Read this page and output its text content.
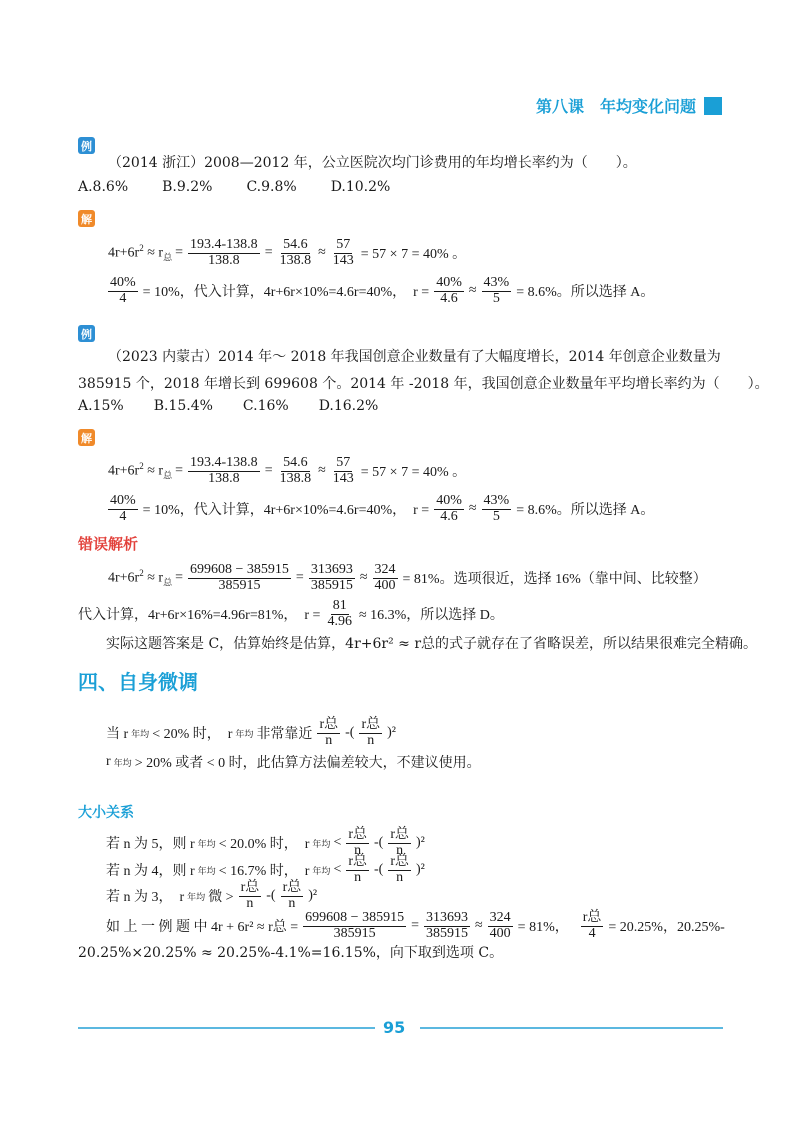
第八课　年均变化问题
例
（2014 浙江）2008—2012 年，公立医院次均门诊费用的年均增长率约为（　　）。
A.8.6% B.9.2% C.9.8% D.10.2%
解
$4r+6r^2 \approx r_总 = \frac{193.4-138.8}{138.8} = \frac{54.6}{138.8} \approx \frac{57}{143} = 57 \times 7 = 40\%$ 。
$\frac{40\%}{4} = 10\%$，代入计算，4r+6r×10%=4.6r=40%，　$r = \frac{40\%}{4.6} \approx \frac{43\%}{5} = 8.6\%$。所以选择 A。
例
（2023 内蒙古）2014 年～ 2018 年我国创意企业数量有了大幅度增长，2014 年创意企业数量为
385915 个，2018 年增长到 699608 个。2014 年 -2018 年，我国创意企业数量年平均增长率约为（　　）。
A.15% B.15.4% C.16% D.16.2%
解
$4r+6r^2 \approx r_总 = \frac{193.4-138.8}{138.8} = \frac{54.6}{138.8} \approx \frac{57}{143} = 57 \times 7 = 40\%$ 。
$\frac{40\%}{4} = 10\%$，代入计算，4r+6r×10%=4.6r=40%，　$r = \frac{40\%}{4.6} \approx \frac{43\%}{5} = 8.6\%$。所以选择 A。
错误解析
$4r+6r^2 \approx r_总 = \frac{699608 - 385915}{385915} = \frac{313693}{385915} \approx \frac{324}{400} = 81\%$。选项很近，选择 16%（靠中间、比较整）
代入计算，4r+6r×16%=4.96r=81%，　$r = \frac{81}{4.96} \approx 16.3\%$，所以选择 D。
实际这题答案是 C，估算始终是估算，4r+6r² ≈ r总的式子就存在了省略误差，所以结果很难完全精确。
四、自身微调
当 r 年均 < 20% 时，　r 年均 非常靠近 $\frac{\text{r总}}{n}$ -( $\frac{\text{r总}}{n} )^2$
r 年均 > 20% 或者 < 0 时，此估算方法偏差较大，不建议使用。
大小关系
若 n 为 5，则 r 年均 < 20.0% 时，　r 年均 < $\frac{\text{r总}}{n}$ -( $\frac{\text{r总}}{n} )^2$
若 n 为 4，则 r 年均 < 16.7% 时，　r 年均 < $\frac{\text{r总}}{n}$ -( $\frac{\text{r总}}{n} )^2$
若 n 为 3，　r 年均 微 > $\frac{\text{r总}}{n}$ -( $\frac{\text{r总}}{n} )^2$
如 上 一 例 题 中 4r + 6r² ≈ r总 = $\frac{699608 - 385915}{385915} = \frac{313693}{385915} \approx \frac{324}{400} = 81\%$，　 $\frac{\text{r总}}{4} = 20.25\%$，20.25%-
20.25%×20.25% ≈ 20.25%-4.1%=16.15%，向下取到选项 C。
95
